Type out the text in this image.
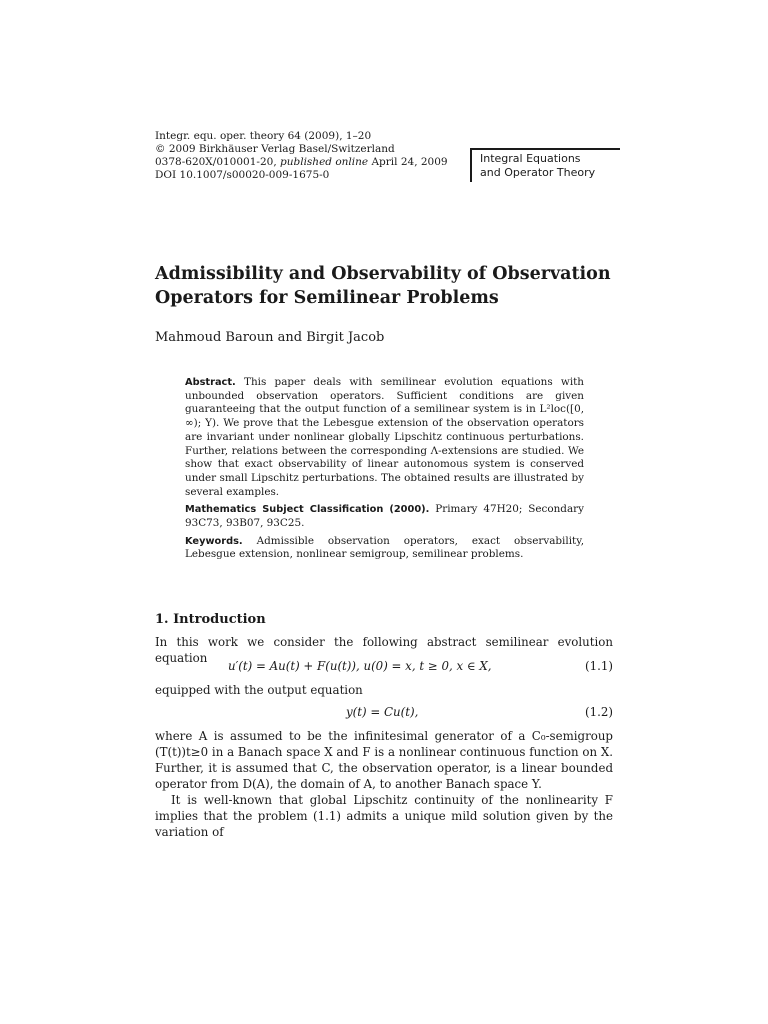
Integr. equ. oper. theory 64 (2009), 1–20
© 2009 Birkhäuser Verlag Basel/Switzerland
0378-620X/010001-20, published online April 24, 2009
DOI 10.1007/s00020-009-1675-0
Integral Equations
and Operator Theory
Admissibility and Observability of Observation Operators for Semilinear Problems
Mahmoud Baroun and Birgit Jacob

Abstract. This paper deals with semilinear evolution equations with unbounded observation operators. Sufficient conditions are given guaranteeing that the output function of a semilinear system is in L²loc([0, ∞); Y). We prove that the Lebesgue extension of the observation operators are invariant under nonlinear globally Lipschitz continuous perturbations. Further, relations between the corresponding Λ-extensions are studied. We show that exact observability of linear autonomous system is conserved under small Lipschitz perturbations. The obtained results are illustrated by several examples.

Mathematics Subject Classification (2000). Primary 47H20; Secondary 93C73, 93B07, 93C25.

Keywords. Admissible observation operators, exact observability, Lebesgue extension, nonlinear semigroup, semilinear problems.

1. Introduction
In this work we consider the following abstract semilinear evolution equation
u′(t) = Au(t) + F(u(t)), u(0) = x, t ≥ 0, x ∈ X,	(1.1)
equipped with the output equation
y(t) = Cu(t),	(1.2)

where A is assumed to be the infinitesimal generator of a C₀-semigroup (T(t))t≥0 in a Banach space X and F is a nonlinear continuous function on X. Further, it is assumed that C, the observation operator, is a linear bounded operator from D(A), the domain of A, to another Banach space Y.

It is well-known that global Lipschitz continuity of the nonlinearity F implies that the problem (1.1) admits a unique mild solution given by the variation of
